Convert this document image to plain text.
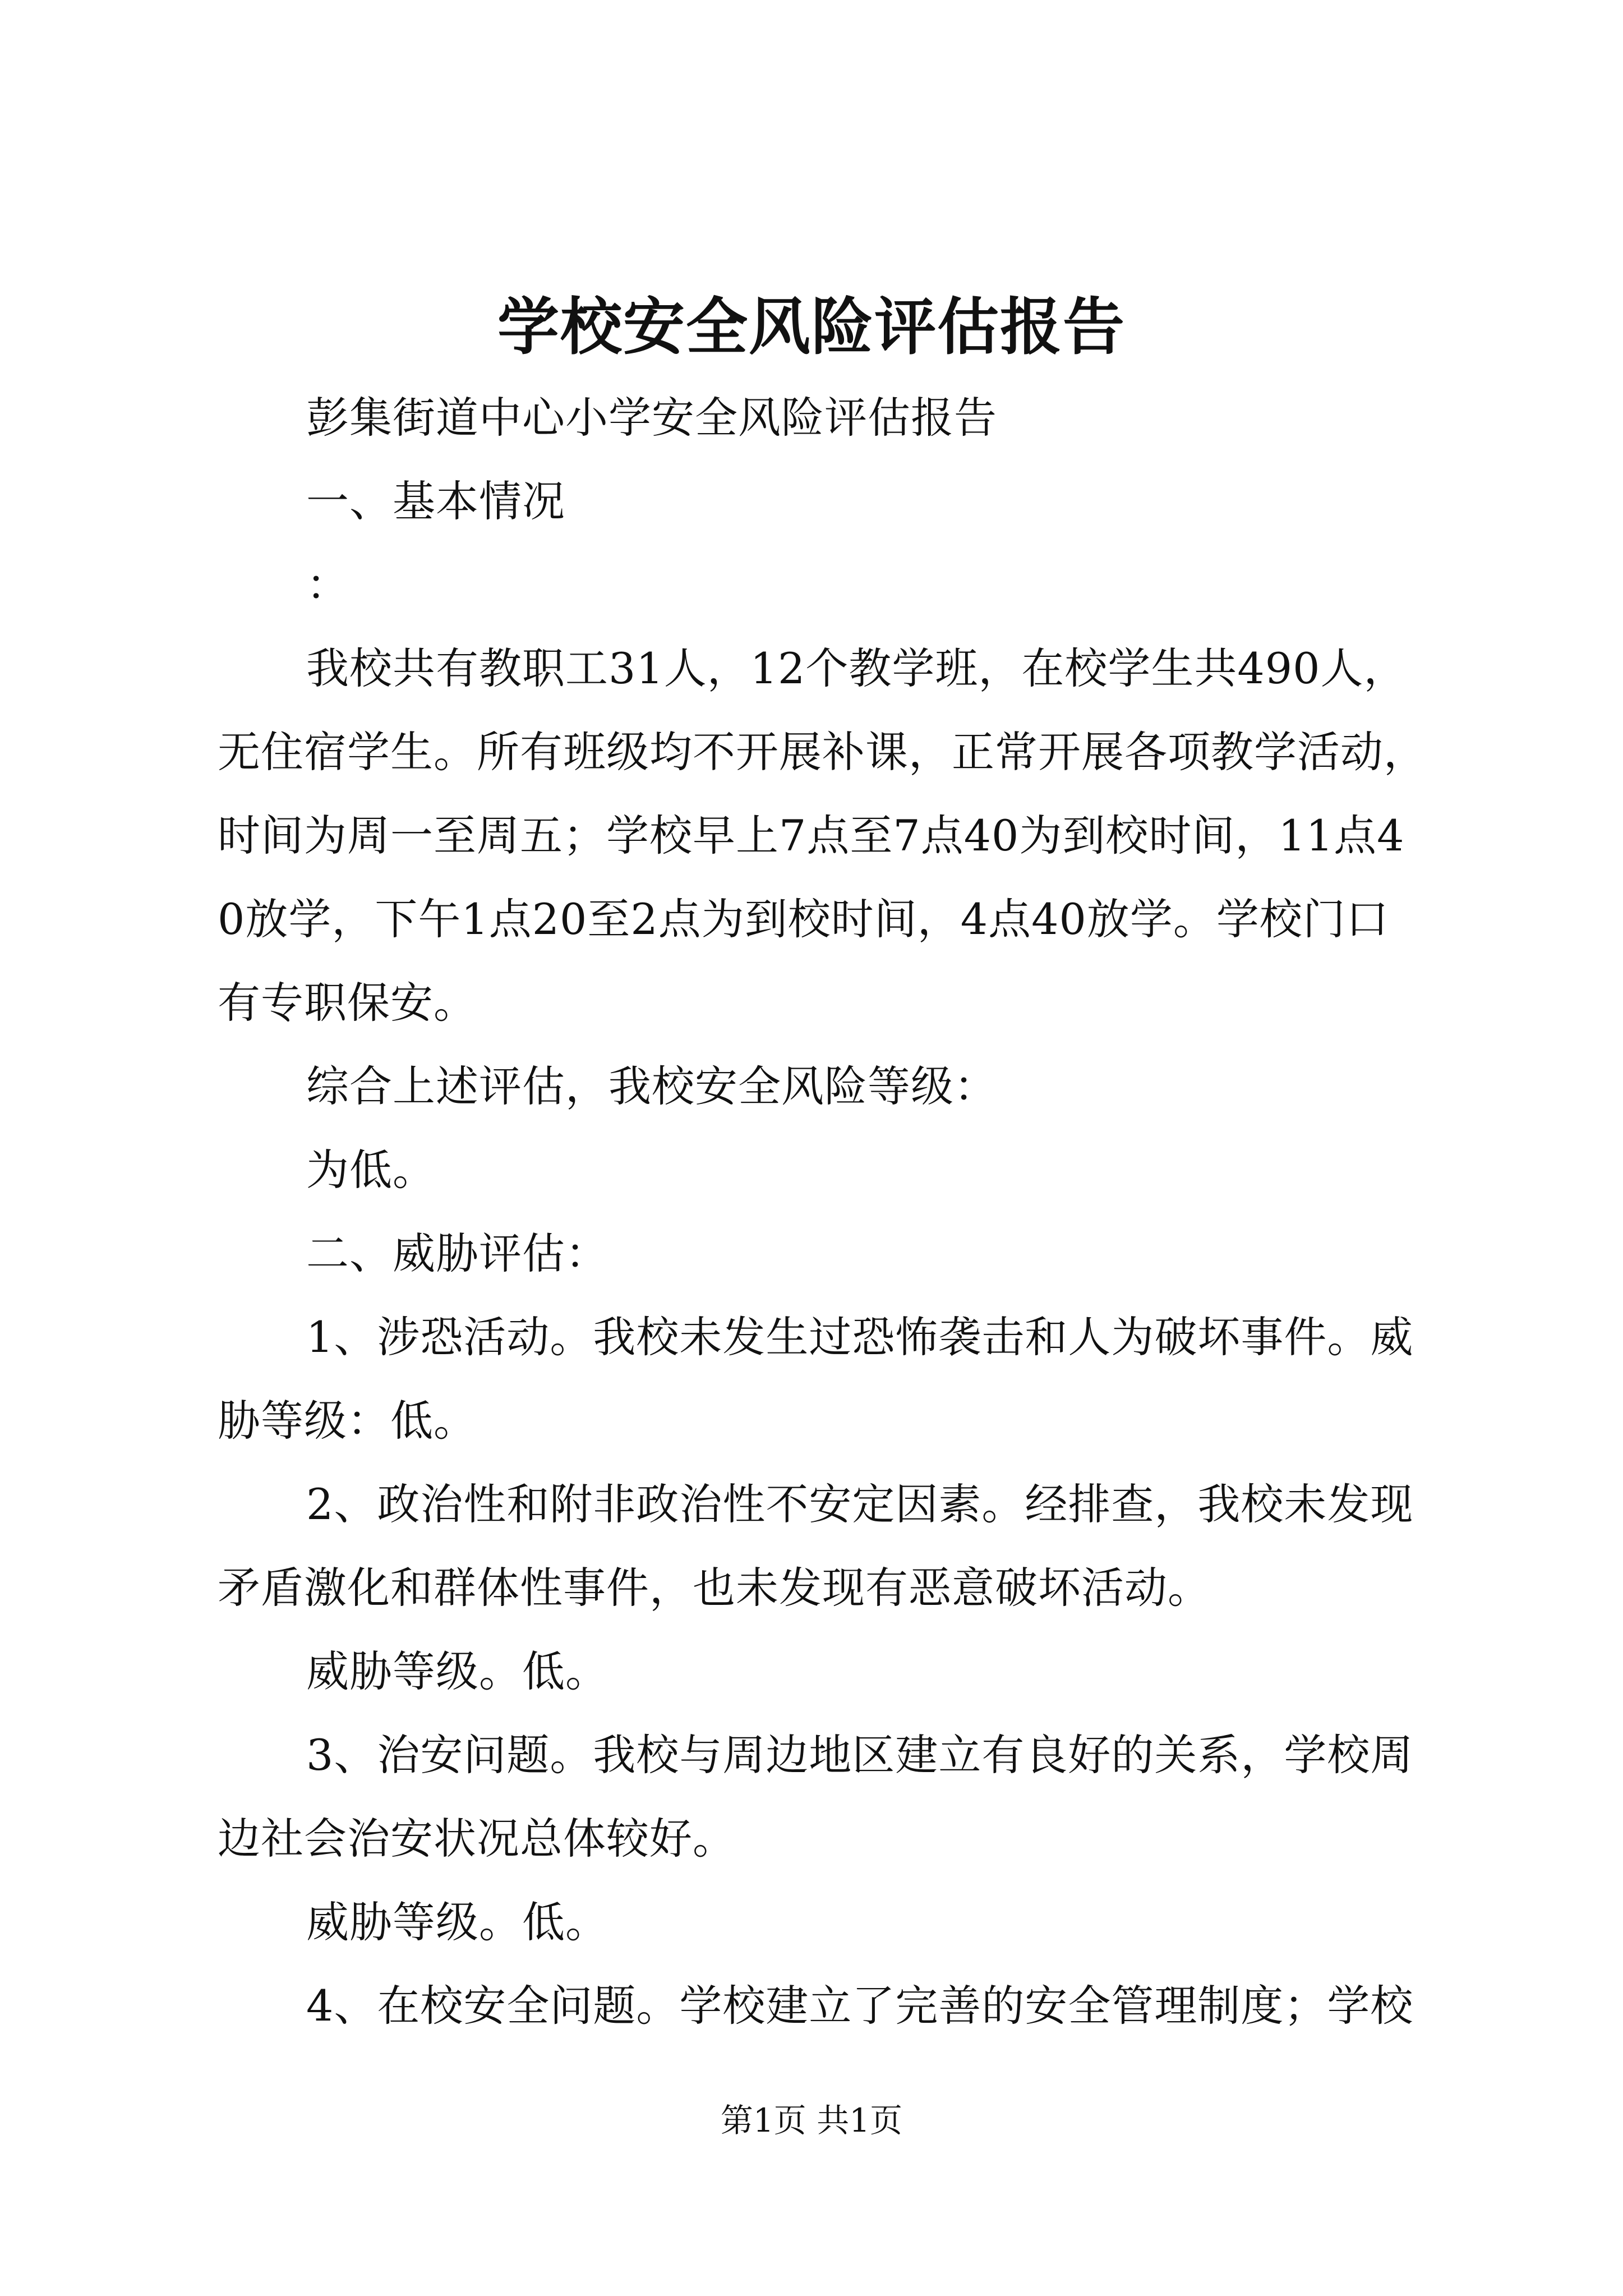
学校安全风险评估报告

彭集街道中心小学安全风险评估报告

一、基本情况

：

我校共有教职工31人，12个教学班，在校学生共490人，无住宿学生。所有班级均不开展补课，正常开展各项教学活动，时间为周一至周五；学校早上7点至7点40为到校时间，11点40放学，下午1点20至2点为到校时间，4点40放学。学校门口有专职保安。

综合上述评估，我校安全风险等级：

为低。

二、威胁评估：

1、涉恐活动。我校未发生过恐怖袭击和人为破坏事件。威胁等级：低。

2、政治性和附非政治性不安定因素。经排查，我校未发现矛盾激化和群体性事件，也未发现有恶意破坏活动。

威胁等级。低。

3、治安问题。我校与周边地区建立有良好的关系，学校周边社会治安状况总体较好。

威胁等级。低。

4、在校安全问题。学校建立了完善的安全管理制度；学校

第1页 共1页
